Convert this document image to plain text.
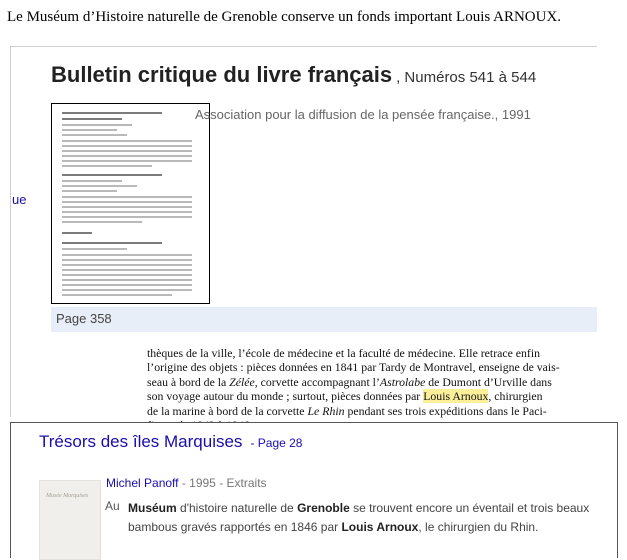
Le Muséum d’Histoire naturelle de Grenoble conserve un fonds important Louis ARNOUX.
Bulletin critique du livre français , Numéros 541 à 544
ue
Association pour la diffusion de la pensée française., 1991
Page 358

thèques de la ville, l’école de médecine et la faculté de médecine. Elle retrace enfin

l’origine des objets : pièces données en 1841 par Tardy de Montravel, enseigne de vais-

seau à bord de la Zélée, corvette accompagnant l’Astrolabe de Dumont d’Urville dans

son voyage autour du monde ; surtout, pièces données par Louis Arnoux, chirurgien

de la marine à bord de la corvette Le Rhin pendant ses trois expéditions dans le Paci-

Trésors des îles Marquises - Page 28
Musée Marquises
Michel Panoff - 1995 - Extraits
Au Muséum d'histoire naturelle de Grenoble se trouvent encore un éventail et trois beaux bambous gravés rapportés en 1846 par Louis Arnoux, le chirurgien du Rhin.
